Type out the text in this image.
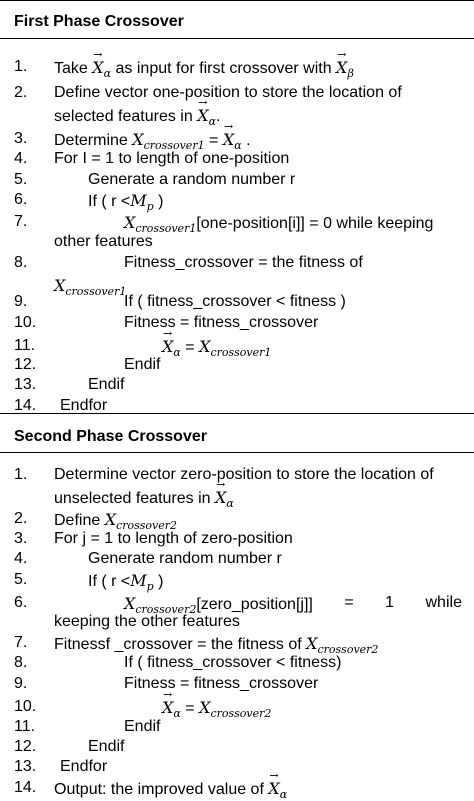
First Phase Crossover
1. Take → $X_\alpha$ as input for first crossover with → $X_\beta$
2. Define vector one-position to store the location of
selected features in → $X_\alpha$.
3. Determine $X_{crossover1}$ = → $X_\alpha$ .
4. For I = 1 to length of one-position
5.	Generate a random number r
6.	If ( $r <M_p$ )
7.	$X_{crossover1}[one-position[i]] = 0$ while keeping
other features
8.	Fitness_crossover = the fitness of
$X_{crossover1}$
9.	If ( fitness_crossover < fitness )
10.	Fitness = fitness_crossover
11.	→ $X_\alpha = X_{crossover1}$
12.	Endif
13.	Endif
14. Endfor
Second Phase Crossover
1. Determine vector zero-position to store the location of
unselected features in → $X_\alpha$
2. Define $X_{crossover2}$
3. For j = 1 to length of zero-position
4.	Generate random number r
5.	If ( $r <M_p$ )
6.	$X_{crossover2}[zero\_position[j]] = 1$ while
keeping the other features
7. Fitnessf _crossover = the fitness of $X_{crossover2}$
8.	If ( fitness_crossover < fitness)
9.	Fitness = fitness_crossover
10.	→ $X_\alpha = X_{crossover2}$
11.	Endif
12.	Endif
13. Endfor
14. Output: the improved value of → $X_\alpha$
